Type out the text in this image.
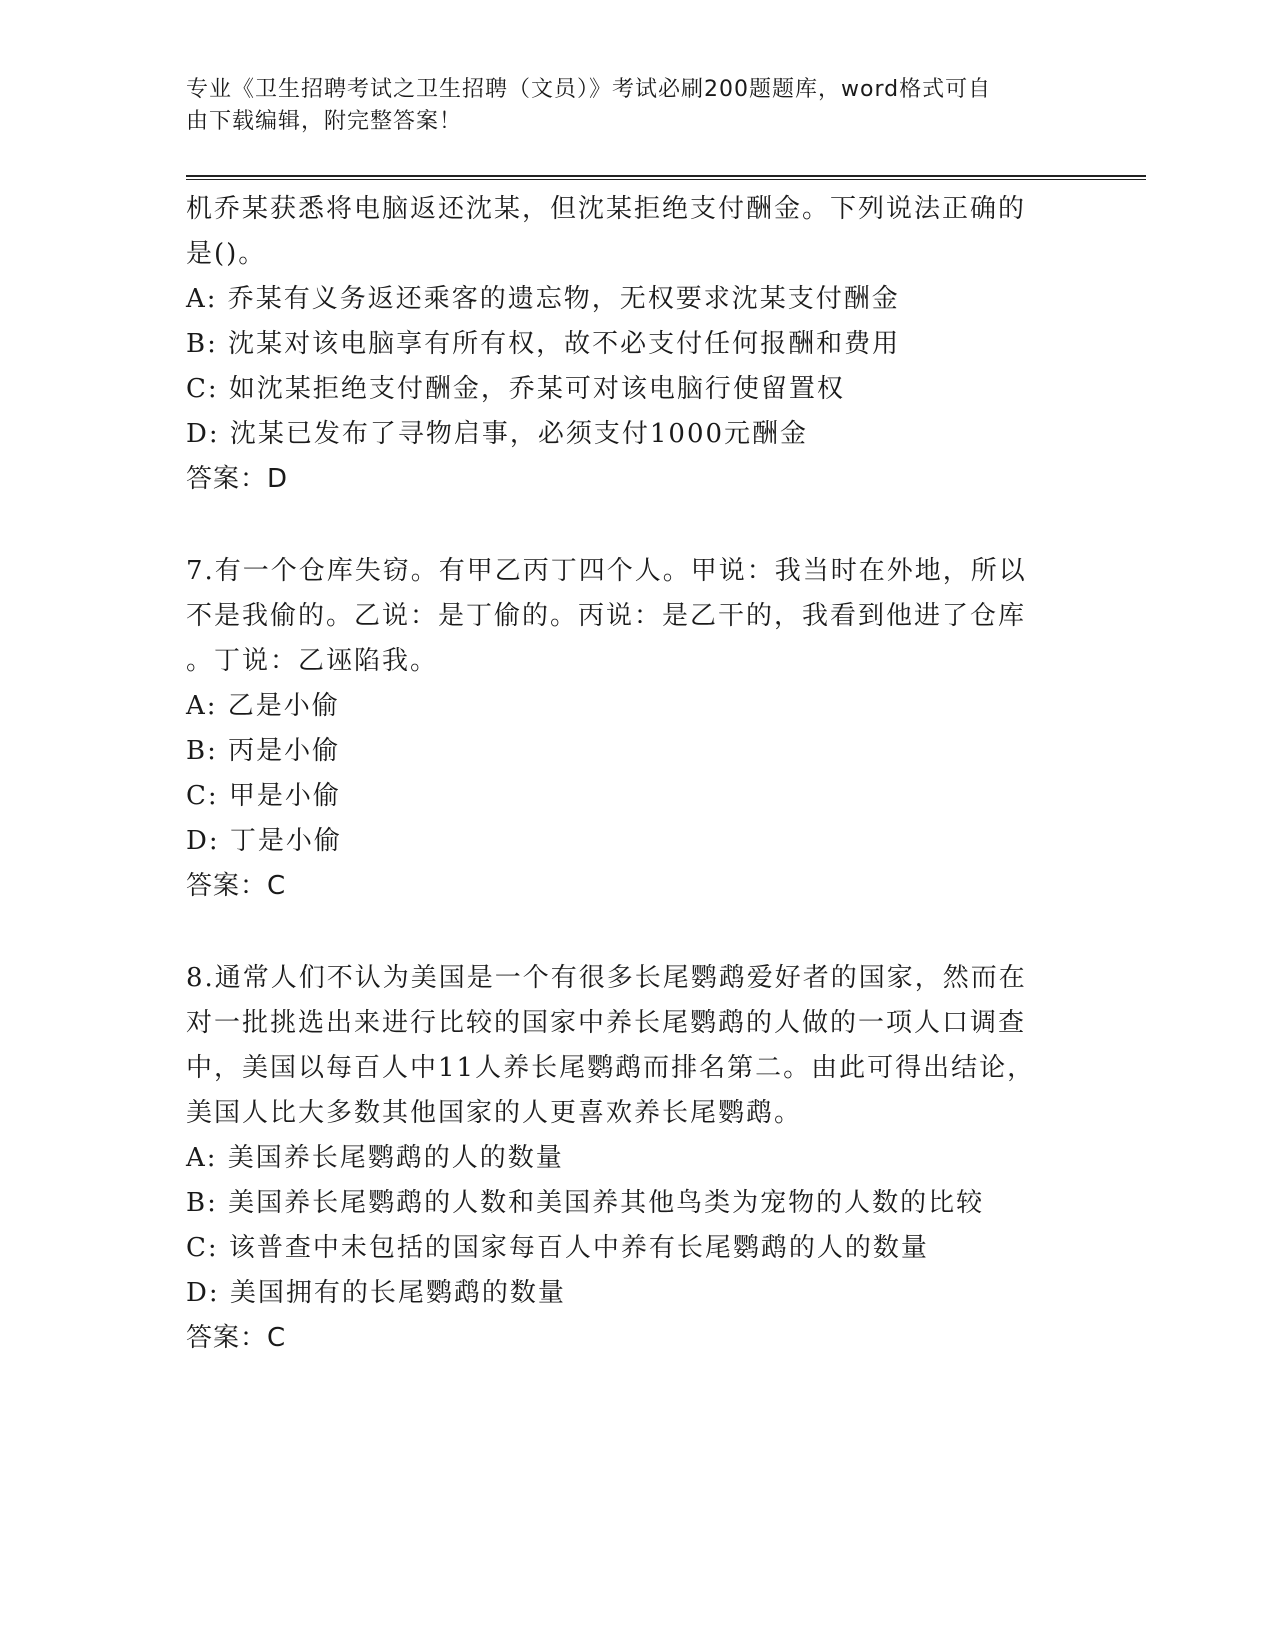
专业《卫生招聘考试之卫生招聘（文员）》考试必刷200题题库，word格式可自
由下载编辑，附完整答案！
机乔某获悉将电脑返还沈某，但沈某拒绝支付酬金。下列说法正确的
是()。
A: 乔某有义务返还乘客的遗忘物，无权要求沈某支付酬金
B: 沈某对该电脑享有所有权，故不必支付任何报酬和费用
C: 如沈某拒绝支付酬金，乔某可对该电脑行使留置权
D: 沈某已发布了寻物启事，必须支付1000元酬金
答案：D
7.有一个仓库失窃。有甲乙丙丁四个人。甲说：我当时在外地，所以
不是我偷的。乙说：是丁偷的。丙说：是乙干的，我看到他进了仓库
。丁说：乙诬陷我。
A: 乙是小偷
B: 丙是小偷
C: 甲是小偷
D: 丁是小偷
答案：C
8.通常人们不认为美国是一个有很多长尾鹦鹉爱好者的国家，然而在
对一批挑选出来进行比较的国家中养长尾鹦鹉的人做的一项人口调查
中，美国以每百人中11人养长尾鹦鹉而排名第二。由此可得出结论，
美国人比大多数其他国家的人更喜欢养长尾鹦鹉。
A: 美国养长尾鹦鹉的人的数量
B: 美国养长尾鹦鹉的人数和美国养其他鸟类为宠物的人数的比较
C: 该普查中未包括的国家每百人中养有长尾鹦鹉的人的数量
D: 美国拥有的长尾鹦鹉的数量
答案：C
